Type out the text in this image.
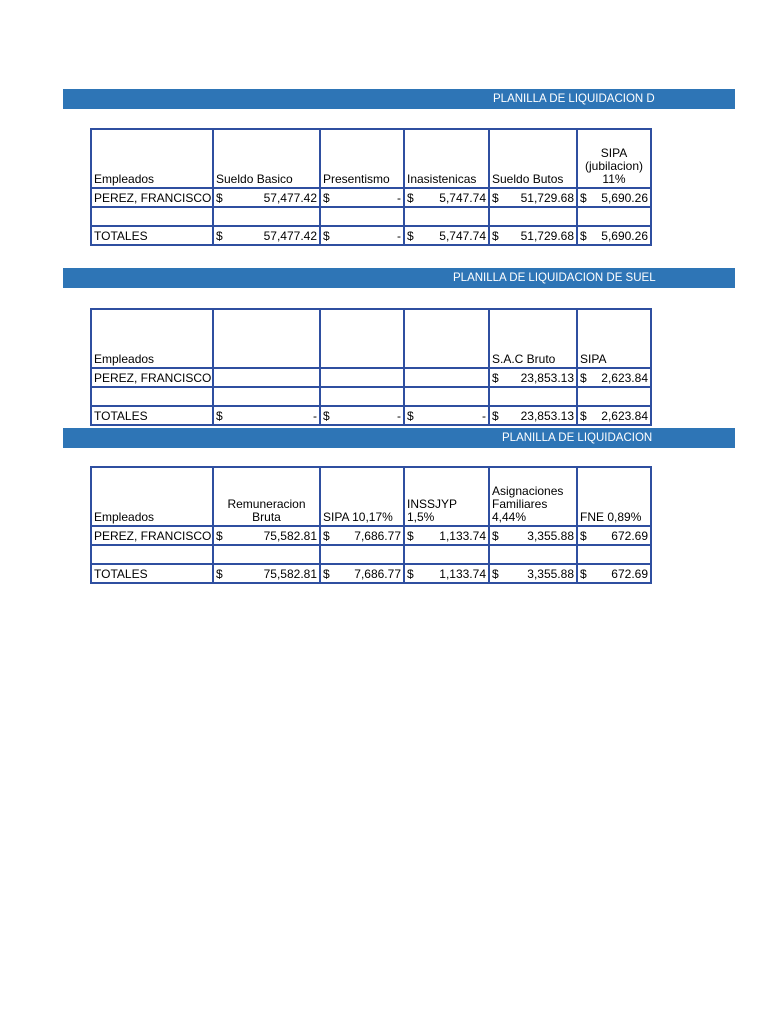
PLANILLA DE LIQUIDACION D
Empleados	Sueldo Basico	Presentismo	Inasistenicas	Sueldo Butos	SIPA (jubilacion) 11%
PEREZ, FRANCISCO	$ 57,477.42	$ -	$ 5,747.74	$ 51,729.68	$ 5,690.26

TOTALES	$ 57,477.42	$ -	$ 5,747.74	$ 51,729.68	$ 5,690.26
PLANILLA DE LIQUIDACION DE SUEL
Empleados				S.A.C Bruto	SIPA
PEREZ, FRANCISCO				$ 23,853.13	$ 2,623.84

TOTALES	$ -	$ -	$ -	$ 23,853.13	$ 2,623.84
PLANILLA DE LIQUIDACION
Empleados	Remuneracion Bruta	SIPA 10,17%	INSSJYP 1,5%	Asignaciones Familiares 4,44%	FNE 0,89%
PEREZ, FRANCISCO	$ 75,582.81	$ 7,686.77	$ 1,133.74	$ 3,355.88	$ 672.69

TOTALES	$ 75,582.81	$ 7,686.77	$ 1,133.74	$ 3,355.88	$ 672.69
